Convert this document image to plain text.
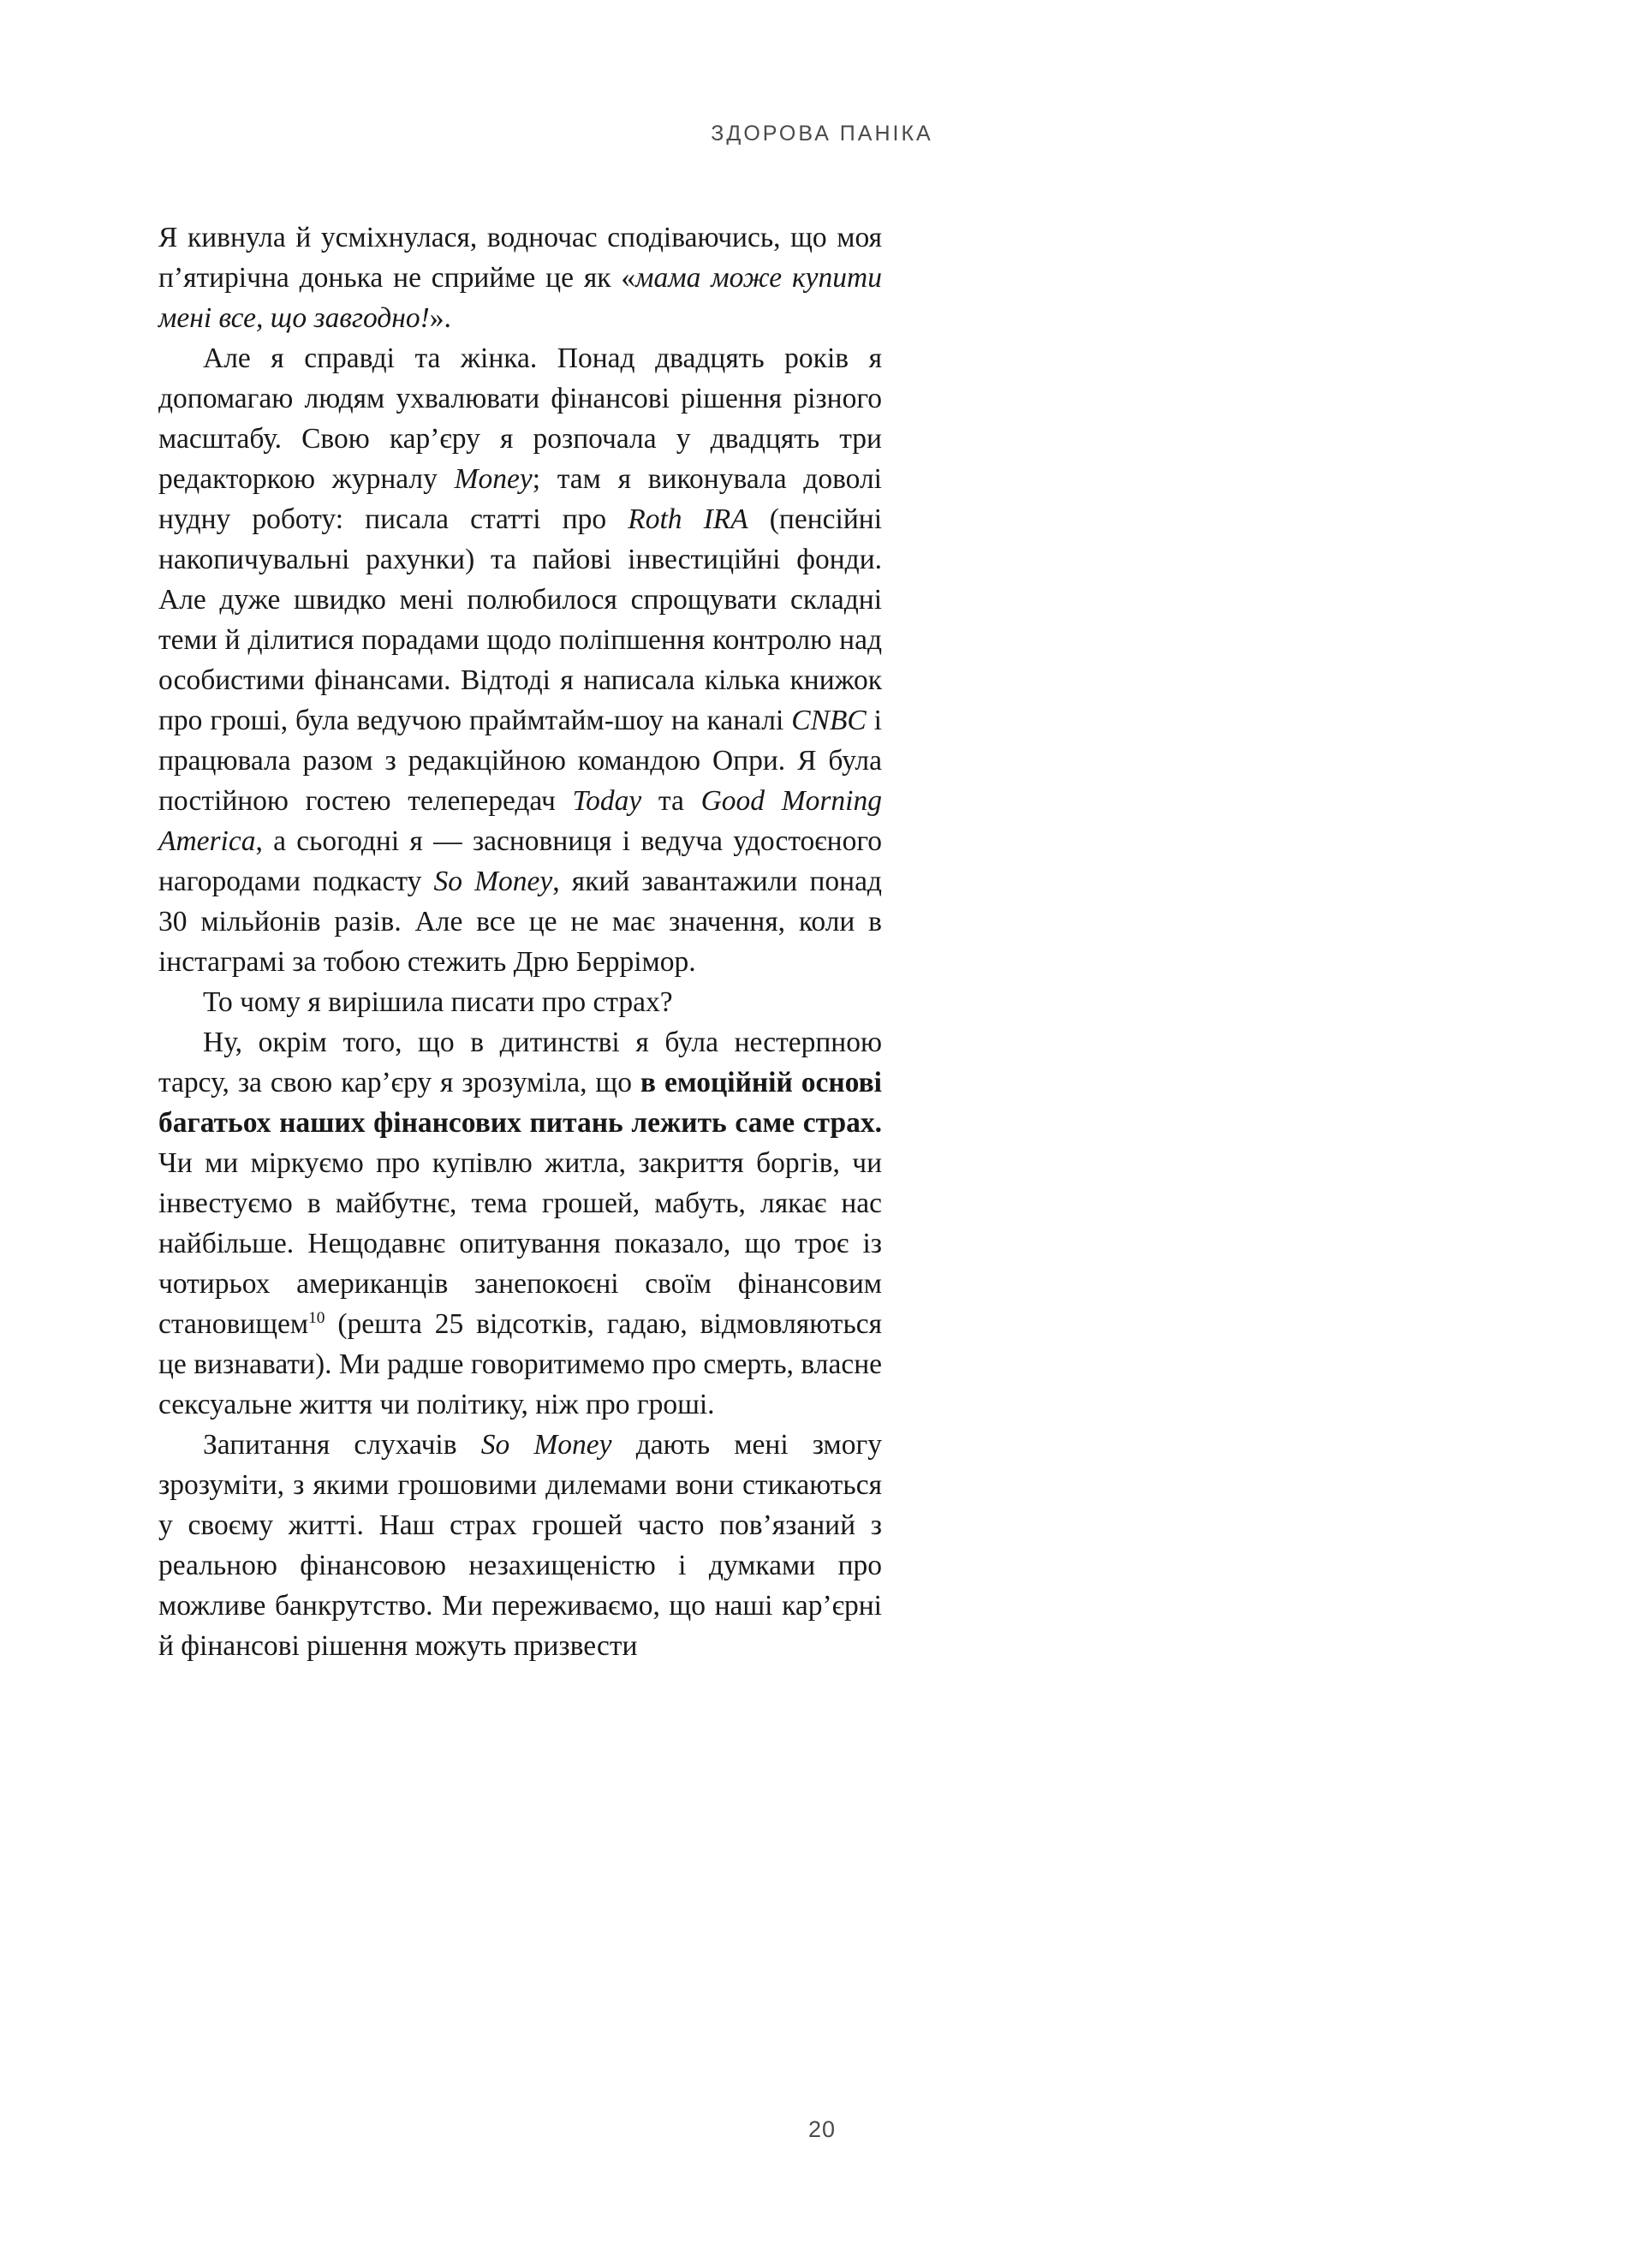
ЗДОРОВА ПАНІКА

Я кивнула й усміхнулася, водночас сподіваючись, що моя п’ятирічна донька не сприйме це як «мама може купити мені все, що завгодно!».

Але я справді та жінка. Понад двадцять років я допомагаю людям ухвалювати фінансові рішення різного масштабу. Свою кар’єру я розпочала у двадцять три редакторкою журналу Money; там я виконувала доволі нудну роботу: писала статті про Roth IRA (пенсійні накопичувальні рахунки) та пайові інвестиційні фонди. Але дуже швидко мені полюбилося спрощувати складні теми й ділитися порадами щодо поліпшення контролю над особистими фінансами. Відтоді я написала кілька книжок про гроші, була ведучою праймтайм-шоу на каналі CNBC і працювала разом з редакційною командою Опри. Я була постійною гостею телепередач Today та Good Morning America, а сьогодні я — засновниця і ведуча удостоєного нагородами подкасту So Money, який завантажили понад 30 мільйонів разів. Але все це не має значення, коли в інстаграмі за тобою стежить Дрю Беррімор.

То чому я вирішила писати про страх?

Ну, окрім того, що в дитинстві я була нестерпною тарсу, за свою кар’єру я зрозуміла, що в емоційній основі багатьох наших фінансових питань лежить саме страх. Чи ми міркуємо про купівлю житла, закриття боргів, чи інвестуємо в майбутнє, тема грошей, мабуть, лякає нас найбільше. Нещодавнє опитування показало, що троє із чотирьох американців занепокоєні своїм фінансовим становищем$^{10}$ (решта 25 відсотків, гадаю, відмовляються це визнавати). Ми радше говоритимемо про смерть, власне сексуальне життя чи політику, ніж про гроші.

Запитання слухачів So Money дають мені змогу зрозуміти, з якими грошовими дилемами вони стикаються у своєму житті. Наш страх грошей часто пов’язаний з реальною фінансовою незахищеністю і думками про можливе банкрутство. Ми переживаємо, що наші кар’єрні й фінансові рішення можуть призвести

20
